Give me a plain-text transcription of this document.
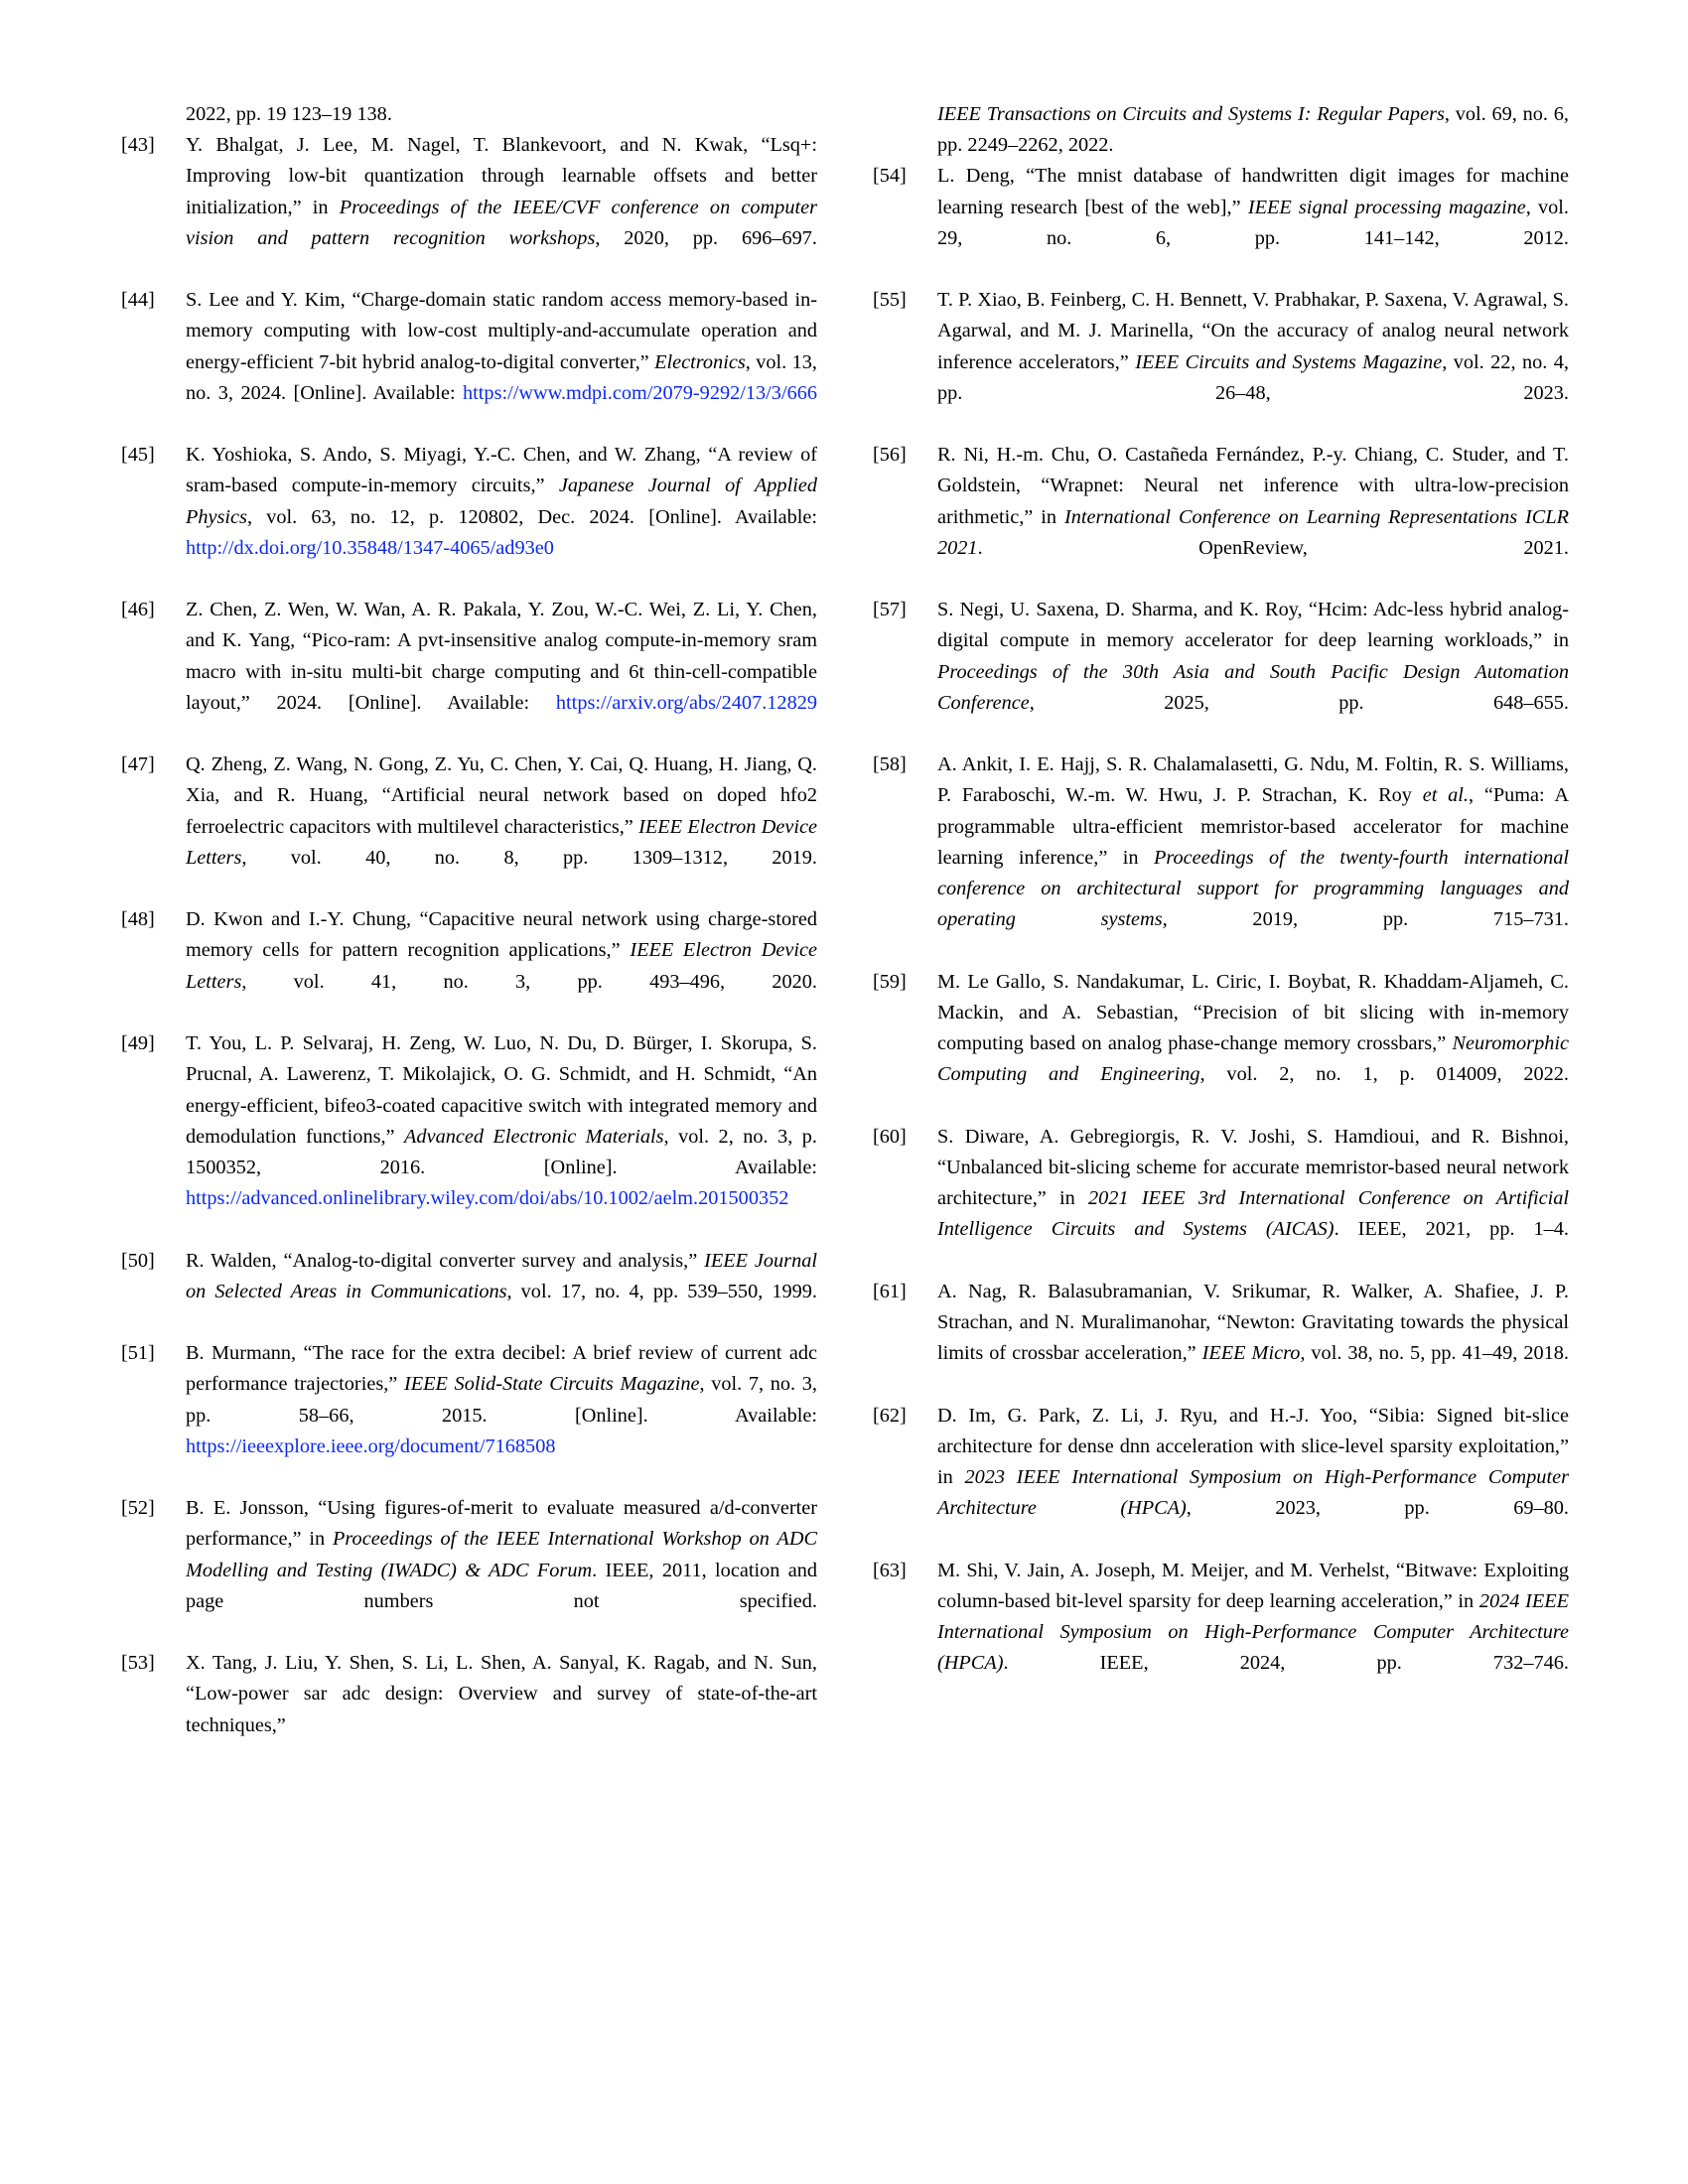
2022, pp. 19 123–19 138.

[43]	Y. Bhalgat, J. Lee, M. Nagel, T. Blankevoort, and N. Kwak, “Lsq+: Improving low-bit quantization through learnable offsets and better initialization,” in Proceedings of the IEEE/CVF conference on computer vision and pattern recognition workshops, 2020, pp. 696–697.

[44]	S. Lee and Y. Kim, “Charge-domain static random access memory-based in-memory computing with low-cost multiply-and-accumulate operation and energy-efficient 7-bit hybrid analog-to-digital converter,” Electronics, vol. 13, no. 3, 2024. [Online]. Available: https://www.mdpi.com/2079-9292/13/3/666

[45]	K. Yoshioka, S. Ando, S. Miyagi, Y.-C. Chen, and W. Zhang, “A review of sram-based compute-in-memory circuits,” Japanese Journal of Applied Physics, vol. 63, no. 12, p. 120802, Dec. 2024. [Online]. Available: http://dx.doi.org/10.35848/1347-4065/ad93e0

[46]	Z. Chen, Z. Wen, W. Wan, A. R. Pakala, Y. Zou, W.-C. Wei, Z. Li, Y. Chen, and K. Yang, “Pico-ram: A pvt-insensitive analog compute-in-memory sram macro with in-situ multi-bit charge computing and 6t thin-cell-compatible layout,” 2024. [Online]. Available: https://arxiv.org/abs/2407.12829

[47]	Q. Zheng, Z. Wang, N. Gong, Z. Yu, C. Chen, Y. Cai, Q. Huang, H. Jiang, Q. Xia, and R. Huang, “Artificial neural network based on doped hfo2 ferroelectric capacitors with multilevel characteristics,” IEEE Electron Device Letters, vol. 40, no. 8, pp. 1309–1312, 2019.

[48]	D. Kwon and I.-Y. Chung, “Capacitive neural network using charge-stored memory cells for pattern recognition applications,” IEEE Electron Device Letters, vol. 41, no. 3, pp. 493–496, 2020.

[49]	T. You, L. P. Selvaraj, H. Zeng, W. Luo, N. Du, D. Bürger, I. Skorupa, S. Prucnal, A. Lawerenz, T. Mikolajick, O. G. Schmidt, and H. Schmidt, “An energy-efficient, bifeo3-coated capacitive switch with integrated memory and demodulation functions,” Advanced Electronic Materials, vol. 2, no. 3, p. 1500352, 2016. [Online]. Available: https://advanced.onlinelibrary.wiley.com/doi/abs/10.1002/aelm.201500352

[50]	R. Walden, “Analog-to-digital converter survey and analysis,” IEEE Journal on Selected Areas in Communications, vol. 17, no. 4, pp. 539–550, 1999.

[51]	B. Murmann, “The race for the extra decibel: A brief review of current adc performance trajectories,” IEEE Solid-State Circuits Magazine, vol. 7, no. 3, pp. 58–66, 2015. [Online]. Available: https://ieeexplore.ieee.org/document/7168508

[52]	B. E. Jonsson, “Using figures-of-merit to evaluate measured a/d-converter performance,” in Proceedings of the IEEE International Workshop on ADC Modelling and Testing (IWADC) & ADC Forum. IEEE, 2011, location and page numbers not specified.

[53]	X. Tang, J. Liu, Y. Shen, S. Li, L. Shen, A. Sanyal, K. Ragab, and N. Sun, “Low-power sar adc design: Overview and survey of state-of-the-art techniques,”

IEEE Transactions on Circuits and Systems I: Regular Papers, vol. 69, no. 6, pp. 2249–2262, 2022.

[54]	L. Deng, “The mnist database of handwritten digit images for machine learning research [best of the web],” IEEE signal processing magazine, vol. 29, no. 6, pp. 141–142, 2012.

[55]	T. P. Xiao, B. Feinberg, C. H. Bennett, V. Prabhakar, P. Saxena, V. Agrawal, S. Agarwal, and M. J. Marinella, “On the accuracy of analog neural network inference accelerators,” IEEE Circuits and Systems Magazine, vol. 22, no. 4, pp. 26–48, 2023.

[56]	R. Ni, H.-m. Chu, O. Castañeda Fernández, P.-y. Chiang, C. Studer, and T. Goldstein, “Wrapnet: Neural net inference with ultra-low-precision arithmetic,” in International Conference on Learning Representations ICLR 2021. OpenReview, 2021.

[57]	S. Negi, U. Saxena, D. Sharma, and K. Roy, “Hcim: Adc-less hybrid analog-digital compute in memory accelerator for deep learning workloads,” in Proceedings of the 30th Asia and South Pacific Design Automation Conference, 2025, pp. 648–655.

[58]	A. Ankit, I. E. Hajj, S. R. Chalamalasetti, G. Ndu, M. Foltin, R. S. Williams, P. Faraboschi, W.-m. W. Hwu, J. P. Strachan, K. Roy et al., “Puma: A programmable ultra-efficient memristor-based accelerator for machine learning inference,” in Proceedings of the twenty-fourth international conference on architectural support for programming languages and operating systems, 2019, pp. 715–731.

[59]	M. Le Gallo, S. Nandakumar, L. Ciric, I. Boybat, R. Khaddam-Aljameh, C. Mackin, and A. Sebastian, “Precision of bit slicing with in-memory computing based on analog phase-change memory crossbars,” Neuromorphic Computing and Engineering, vol. 2, no. 1, p. 014009, 2022.

[60]	S. Diware, A. Gebregiorgis, R. V. Joshi, S. Hamdioui, and R. Bishnoi, “Unbalanced bit-slicing scheme for accurate memristor-based neural network architecture,” in 2021 IEEE 3rd International Conference on Artificial Intelligence Circuits and Systems (AICAS). IEEE, 2021, pp. 1–4.

[61]	A. Nag, R. Balasubramanian, V. Srikumar, R. Walker, A. Shafiee, J. P. Strachan, and N. Muralimanohar, “Newton: Gravitating towards the physical limits of crossbar acceleration,” IEEE Micro, vol. 38, no. 5, pp. 41–49, 2018.

[62]	D. Im, G. Park, Z. Li, J. Ryu, and H.-J. Yoo, “Sibia: Signed bit-slice architecture for dense dnn acceleration with slice-level sparsity exploitation,” in 2023 IEEE International Symposium on High-Performance Computer Architecture (HPCA), 2023, pp. 69–80.

[63]	M. Shi, V. Jain, A. Joseph, M. Meijer, and M. Verhelst, “Bitwave: Exploiting column-based bit-level sparsity for deep learning acceleration,” in 2024 IEEE International Symposium on High-Performance Computer Architecture (HPCA). IEEE, 2024, pp. 732–746.
